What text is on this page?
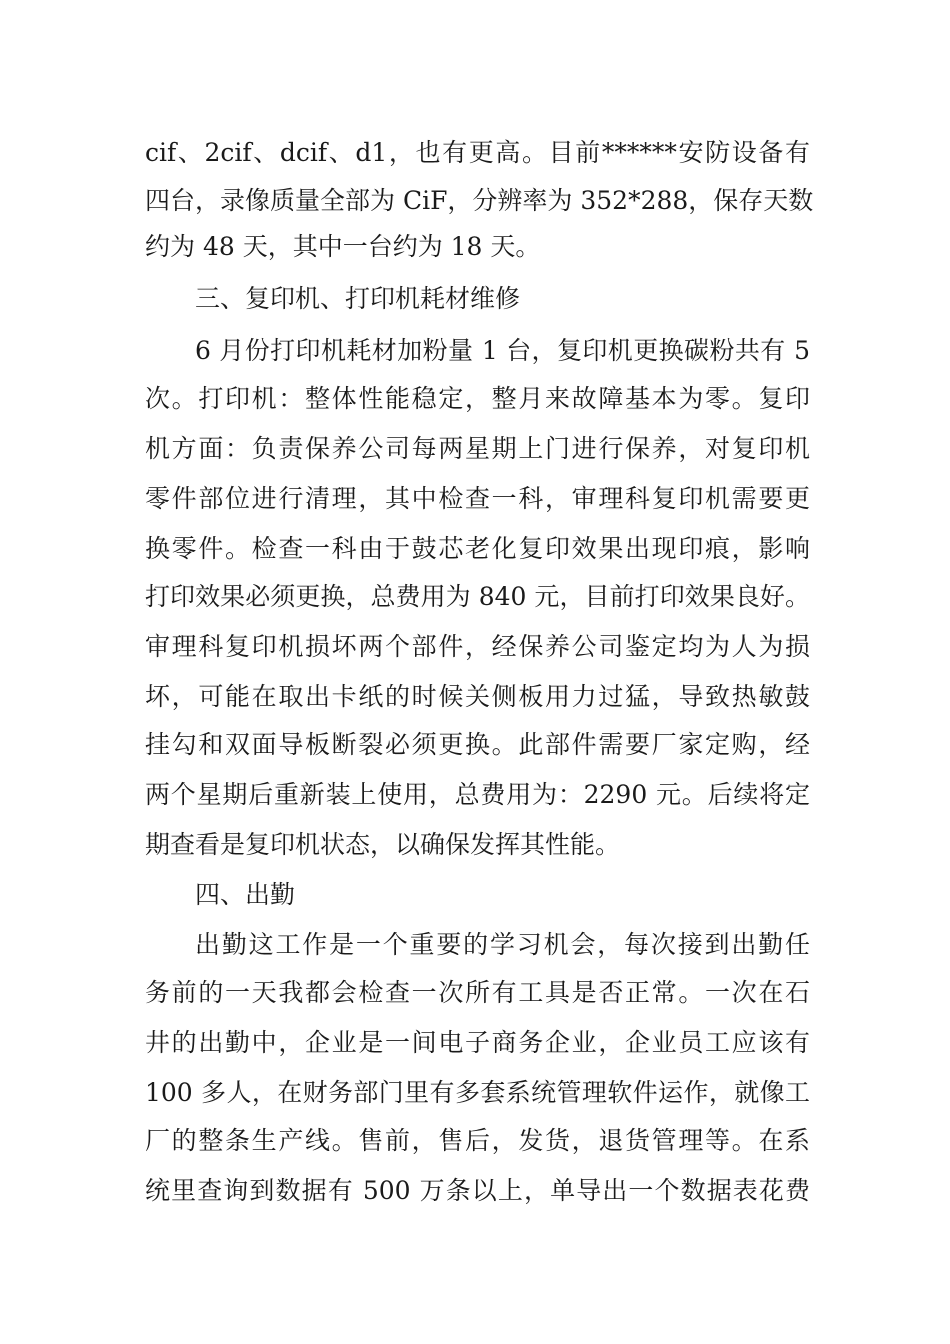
cif、2cif、dcif、d1，也有更高。目前******安防设备有
四台，录像质量全部为 CiF，分辨率为 352*288，保存天数
约为 48 天，其中一台约为 18 天。
三、复印机、打印机耗材维修
6 月份打印机耗材加粉量 1 台，复印机更换碳粉共有 5
次。打印机：整体性能稳定，整月来故障基本为零。复印
机方面：负责保养公司每两星期上门进行保养，对复印机
零件部位进行清理，其中检查一科，审理科复印机需要更
换零件。检查一科由于鼓芯老化复印效果出现印痕，影响
打印效果必须更换，总费用为 840 元，目前打印效果良好。
审理科复印机损坏两个部件，经保养公司鉴定均为人为损
坏，可能在取出卡纸的时候关侧板用力过猛，导致热敏鼓
挂勾和双面导板断裂必须更换。此部件需要厂家定购，经
两个星期后重新装上使用，总费用为：2290 元。后续将定
期查看是复印机状态，以确保发挥其性能。
四、出勤
出勤这工作是一个重要的学习机会，每次接到出勤任
务前的一天我都会检查一次所有工具是否正常。一次在石
井的出勤中，企业是一间电子商务企业，企业员工应该有
100 多人，在财务部门里有多套系统管理软件运作，就像工
厂的整条生产线。售前，售后，发货，退货管理等。在系
统里查询到数据有 500 万条以上，单导出一个数据表花费
